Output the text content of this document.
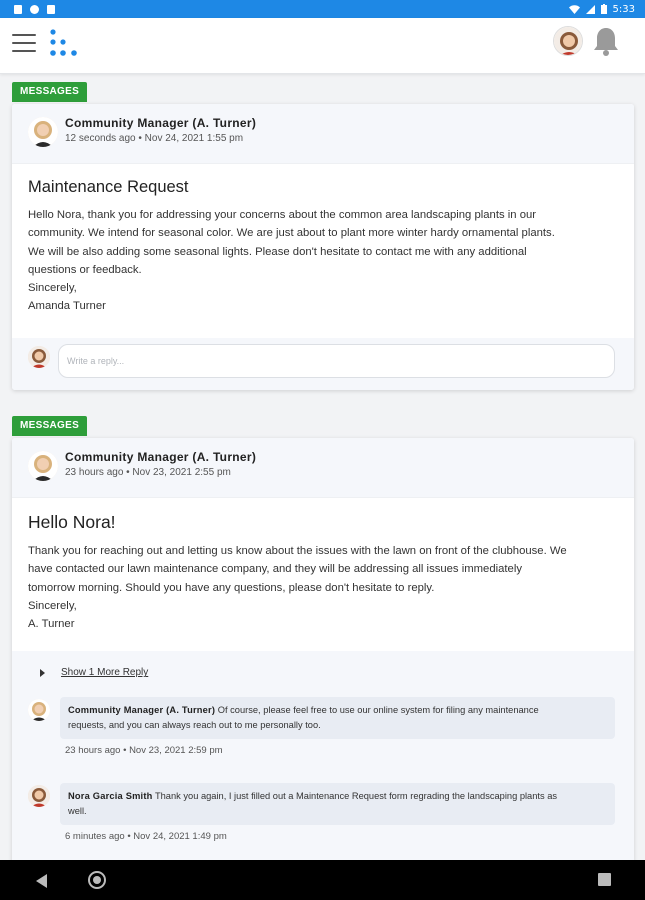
5:33
MESSAGES
Community Manager (A. Turner)
12 seconds ago • Nov 24, 2021 1:55 pm
Maintenance Request
Hello Nora, thank you for addressing your concerns about the common area landscaping plants in our
community. We intend for seasonal color. We are just about to plant more winter hardy ornamental plants.
We will be also adding some seasonal lights. Please don't hesitate to contact me with any additional
questions or feedback.
Sincerely,
Amanda Turner
Write a reply...
MESSAGES
Community Manager (A. Turner)
23 hours ago • Nov 23, 2021 2:55 pm
Hello Nora!
Thank you for reaching out and letting us know about the issues with the lawn on front of the clubhouse. We
have contacted our lawn maintenance company, and they will be addressing all issues immediately
tomorrow morning. Should you have any questions, please don't hesitate to reply.
Sincerely,
A. Turner
Show 1 More Reply
Community Manager (A. Turner) Of course, please feel free to use our online system for filing any maintenance
requests, and you can always reach out to me personally too.
23 hours ago • Nov 23, 2021 2:59 pm
Nora Garcia Smith Thank you again, I just filled out a Maintenance Request form regrading the landscaping plants as
well.
6 minutes ago • Nov 24, 2021 1:49 pm
